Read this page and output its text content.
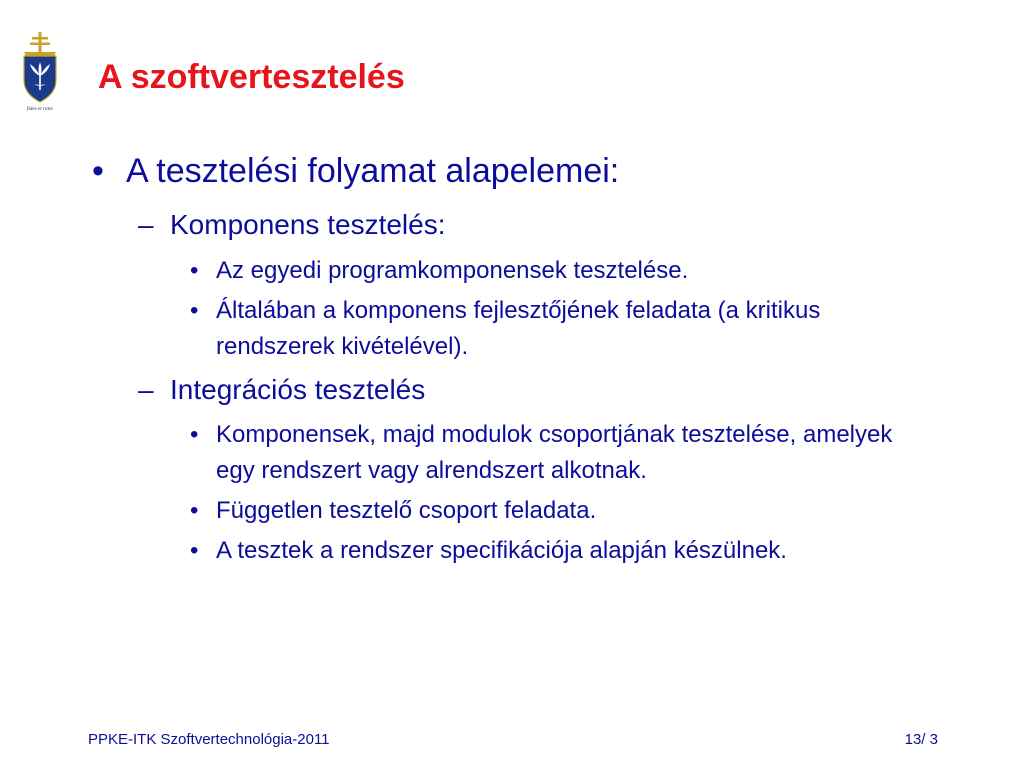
fides et ratio
A szoftvertesztelés
• A tesztelési folyamat alapelemei:
– Komponens tesztelés:
• Az egyedi programkomponensek tesztelése.
• Általában a komponens fejlesztőjének feladata (a kritikus rendszerek kivételével).
– Integrációs tesztelés
• Komponensek, majd modulok csoportjának tesztelése, amelyek egy rendszert vagy alrendszert alkotnak.
• Független tesztelő csoport feladata.
• A tesztek a rendszer specifikációja alapján készülnek.
PPKE-ITK Szoftvertechnológia-2011	13/ 3
